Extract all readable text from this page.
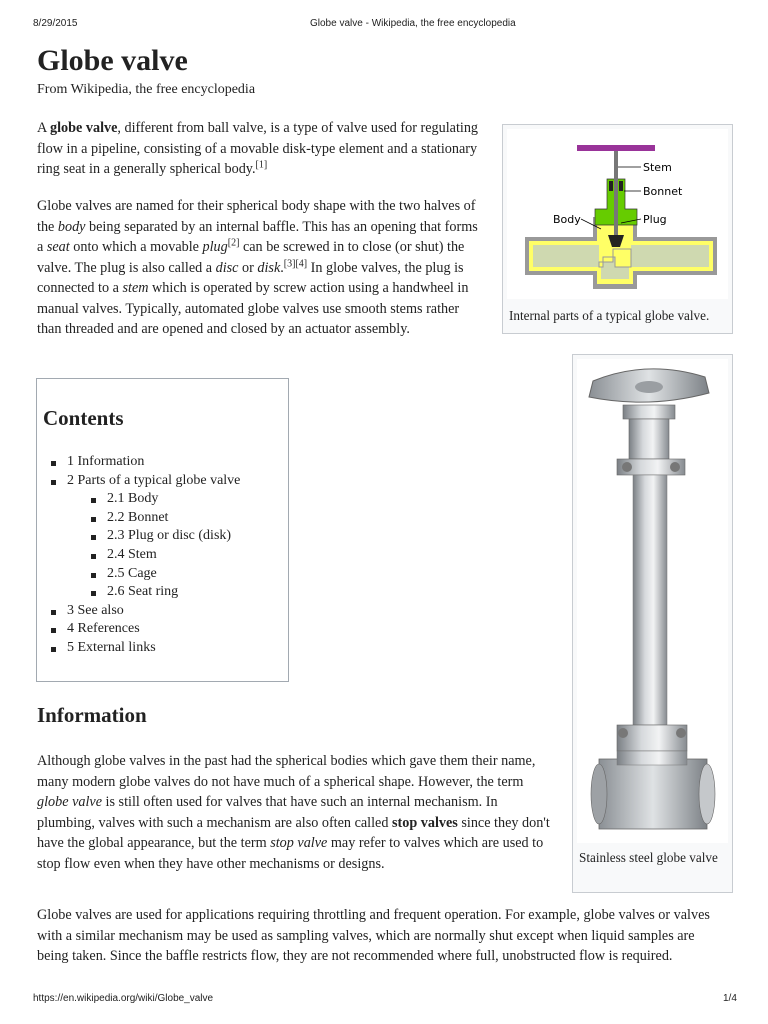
8/29/2015	Globe valve - Wikipedia, the free encyclopedia
Globe valve
From Wikipedia, the free encyclopedia

A globe valve, different from ball valve, is a type of valve used for regulating flow in a pipeline, consisting of a movable disk-type element and a stationary ring seat in a generally spherical body.[1]

Globe valves are named for their spherical body shape with the two halves of the body being separated by an internal baffle. This has an opening that forms a seat onto which a movable plug[2] can be screwed in to close (or shut) the valve. The plug is also called a disc or disk.[3][4] In globe valves, the plug is connected to a stem which is operated by screw action using a handwheel in manual valves. Typically, automated globe valves use smooth stems rather than threaded and are opened and closed by an actuator assembly.

Stem
Bonnet
Body	Plug
Internal parts of a typical globe valve.
Stainless steel globe valve
Contents
1 Information
2 Parts of a typical globe valve
2.1 Body
2.2 Bonnet
2.3 Plug or disc (disk)
2.4 Stem
2.5 Cage
2.6 Seat ring
3 See also
4 References
5 External links
Information

Although globe valves in the past had the spherical bodies which gave them their name, many modern globe valves do not have much of a spherical shape. However, the term globe valve is still often used for valves that have such an internal mechanism. In plumbing, valves with such a mechanism are also often called stop valves since they don't have the global appearance, but the term stop valve may refer to valves which are used to stop flow even when they have other mechanisms or designs.

Globe valves are used for applications requiring throttling and frequent operation. For example, globe valves or valves with a similar mechanism may be used as sampling valves, which are normally shut except when liquid samples are being taken. Since the baffle restricts flow, they are not recommended where full, unobstructed flow is required.

https://en.wikipedia.org/wiki/Globe_valve	1/4
